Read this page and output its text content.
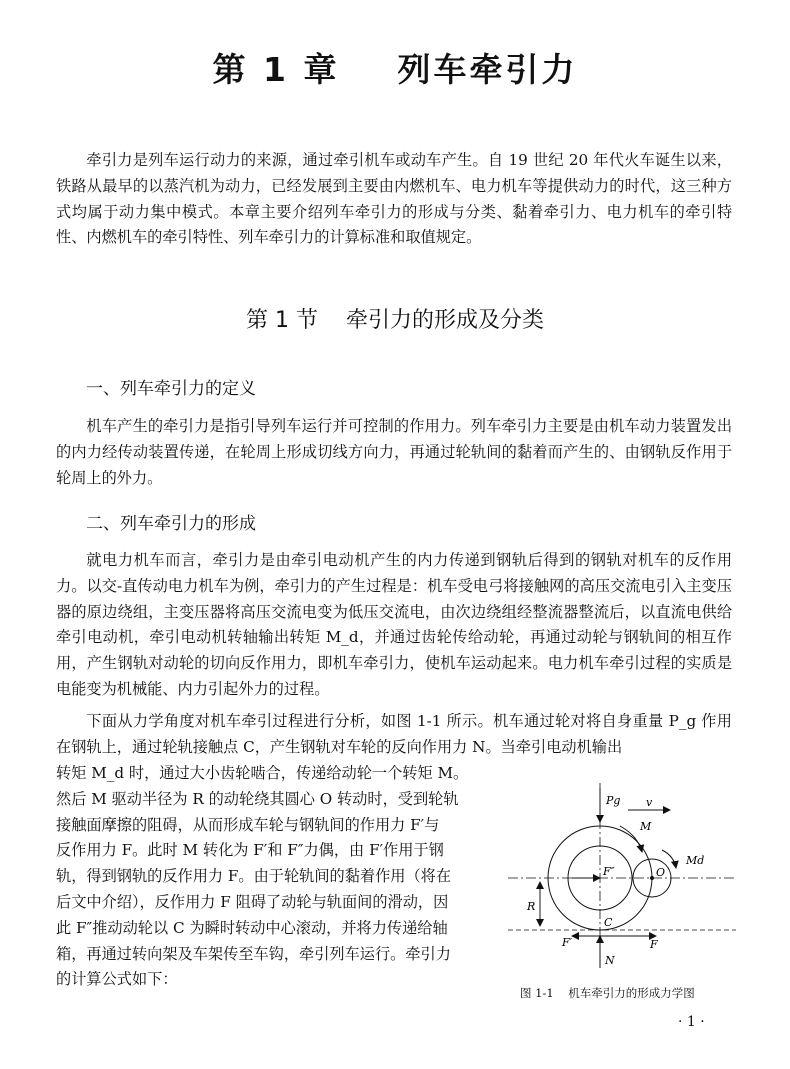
第 1 章    列车牵引力

牵引力是列车运行动力的来源，通过牵引机车或动车产生。自 19 世纪 20 年代火车诞生以来，铁路从最早的以蒸汽机为动力，已经发展到主要由内燃机车、电力机车等提供动力的时代，这三种方式均属于动力集中模式。本章主要介绍列车牵引力的形成与分类、黏着牵引力、电力机车的牵引特性、内燃机车的牵引特性、列车牵引力的计算标准和取值规定。

第 1 节    牵引力的形成及分类
一、列车牵引力的定义

机车产生的牵引力是指引导列车运行并可控制的作用力。列车牵引力主要是由机车动力装置发出的内力经传动装置传递，在轮周上形成切线方向力，再通过轮轨间的黏着而产生的、由钢轨反作用于轮周上的外力。

二、列车牵引力的形成

就电力机车而言，牵引力是由牵引电动机产生的内力传递到钢轨后得到的钢轨对机车的反作用力。以交-直传动电力机车为例，牵引力的产生过程是：机车受电弓将接触网的高压交流电引入主变压器的原边绕组，主变压器将高压交流电变为低压交流电，由次边绕组经整流器整流后，以直流电供给牵引电动机，牵引电动机转轴输出转矩 M_d，并通过齿轮传给动轮，再通过动轮与钢轨间的相互作用，产生钢轨对动轮的切向反作用力，即机车牵引力，使机车运动起来。电力机车牵引过程的实质是电能变为机械能、内力引起外力的过程。

下面从力学角度对机车牵引过程进行分析，如图 1-1 所示。机车通过轮对将自身重量 P_g 作用在钢轨上，通过轮轨接触点 C，产生钢轨对车轮的反向作用力 N。当牵引电动机输出

转矩 M_d 时，通过大小齿轮啮合，传递给动轮一个转矩 M。
然后 M 驱动半径为 R 的动轮绕其圆心 O 转动时，受到轮轨
接触面摩擦的阻碍，从而形成车轮与钢轨间的作用力 F′与
反作用力 F。此时 M 转化为 F′和 F″力偶，由 F′作用于钢
轨，得到钢轨的反作用力 F。由于轮轨间的黏着作用（将在
后文中介绍），反作用力 F 阻碍了动轮与轨面间的滑动，因
此 F″推动动轮以 C 为瞬时转动中心滚动，并将力传递给轴
箱，再通过转向架及车架传至车钩，牵引列车运行。牵引力
的计算公式如下：
Pg v
M
Md
F″	O
R
C
F′	F
N
图 1-1    机车牵引力的形成力学图
· 1 ·
